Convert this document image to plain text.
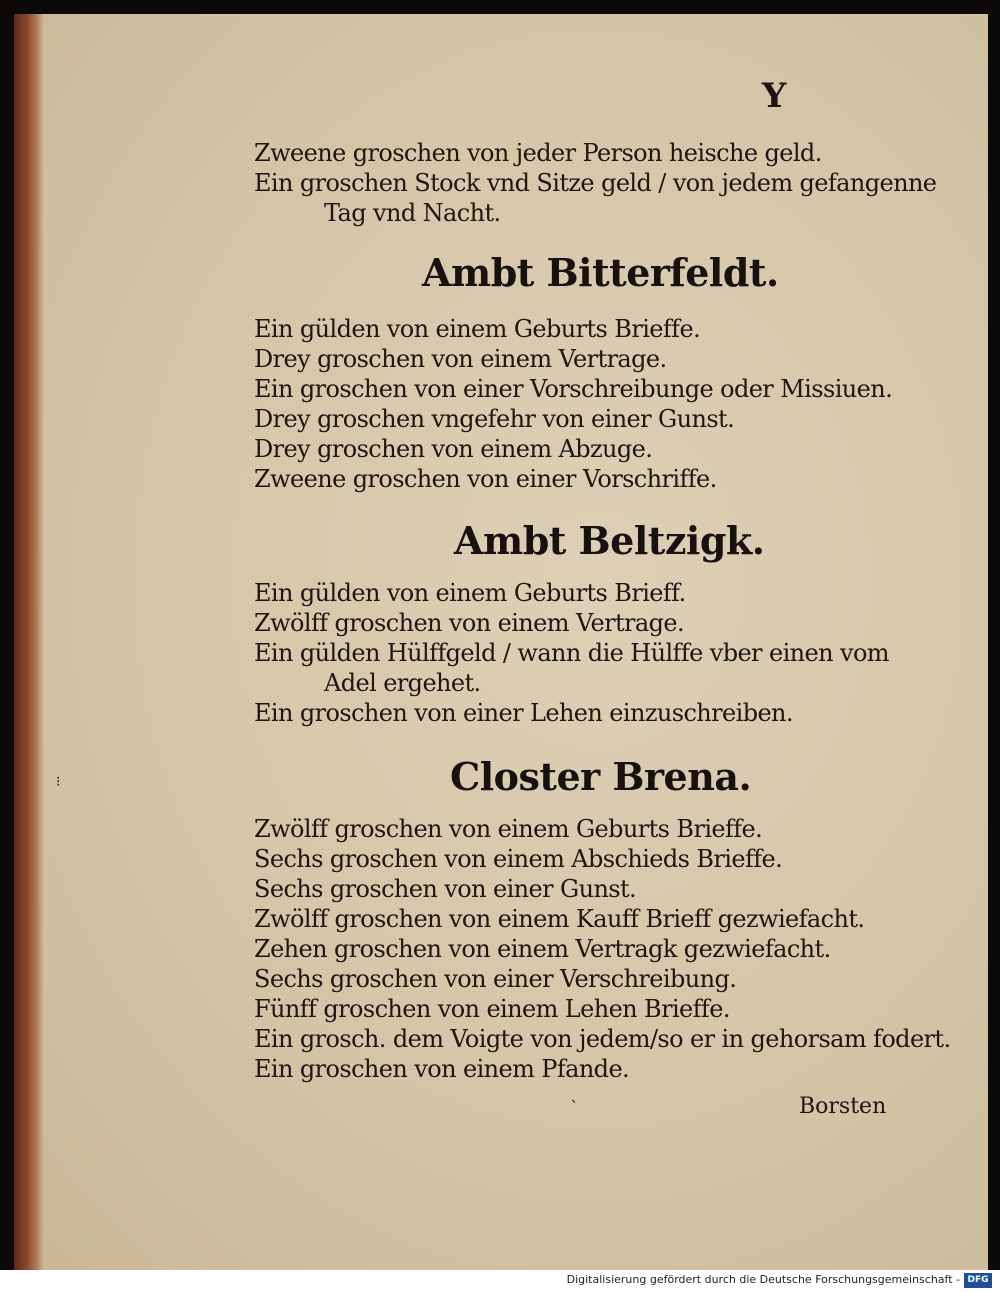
Y
Zweene groschen von jeder Person heische geld.
Ein groschen Stock vnd Sitze geld / von jedem gefangenne
Tag vnd Nacht.
Ambt Bitterfeldt.
Ein gülden von einem Geburts Brieffe.
Drey groschen von einem Vertrage.
Ein groschen von einer Vorschreibunge oder Missiuen.
Drey groschen vngefehr von einer Gunst.
Drey groschen von einem Abzuge.
Zweene groschen von einer Vorschriffe.
Ambt Beltzigk.
Ein gülden von einem Geburts Brieff.
Zwölff groschen von einem Vertrage.
Ein gülden Hülffgeld / wann die Hülffe vber einen vom
Adel ergehet.
Ein groschen von einer Lehen einzuschreiben.
Closter Brena.
Zwölff groschen von einem Geburts Brieffe.
Sechs groschen von einem Abschieds Brieffe.
Sechs groschen von einer Gunst.
Zwölff groschen von einem Kauff Brieff gezwiefacht.
Zehen groschen von einem Vertragk gezwiefacht.
Sechs groschen von einer Verschreibung.
Fünff groschen von einem Lehen Brieffe.
Ein grosch. dem Voigte von jedem/so er in gehorsam fodert.
Ein groschen von einem Pfande.
Borsten
ˋ
⁝
Digitalisierung gefördert durch die Deutsche Forschungsgemeinschaft - DFG
